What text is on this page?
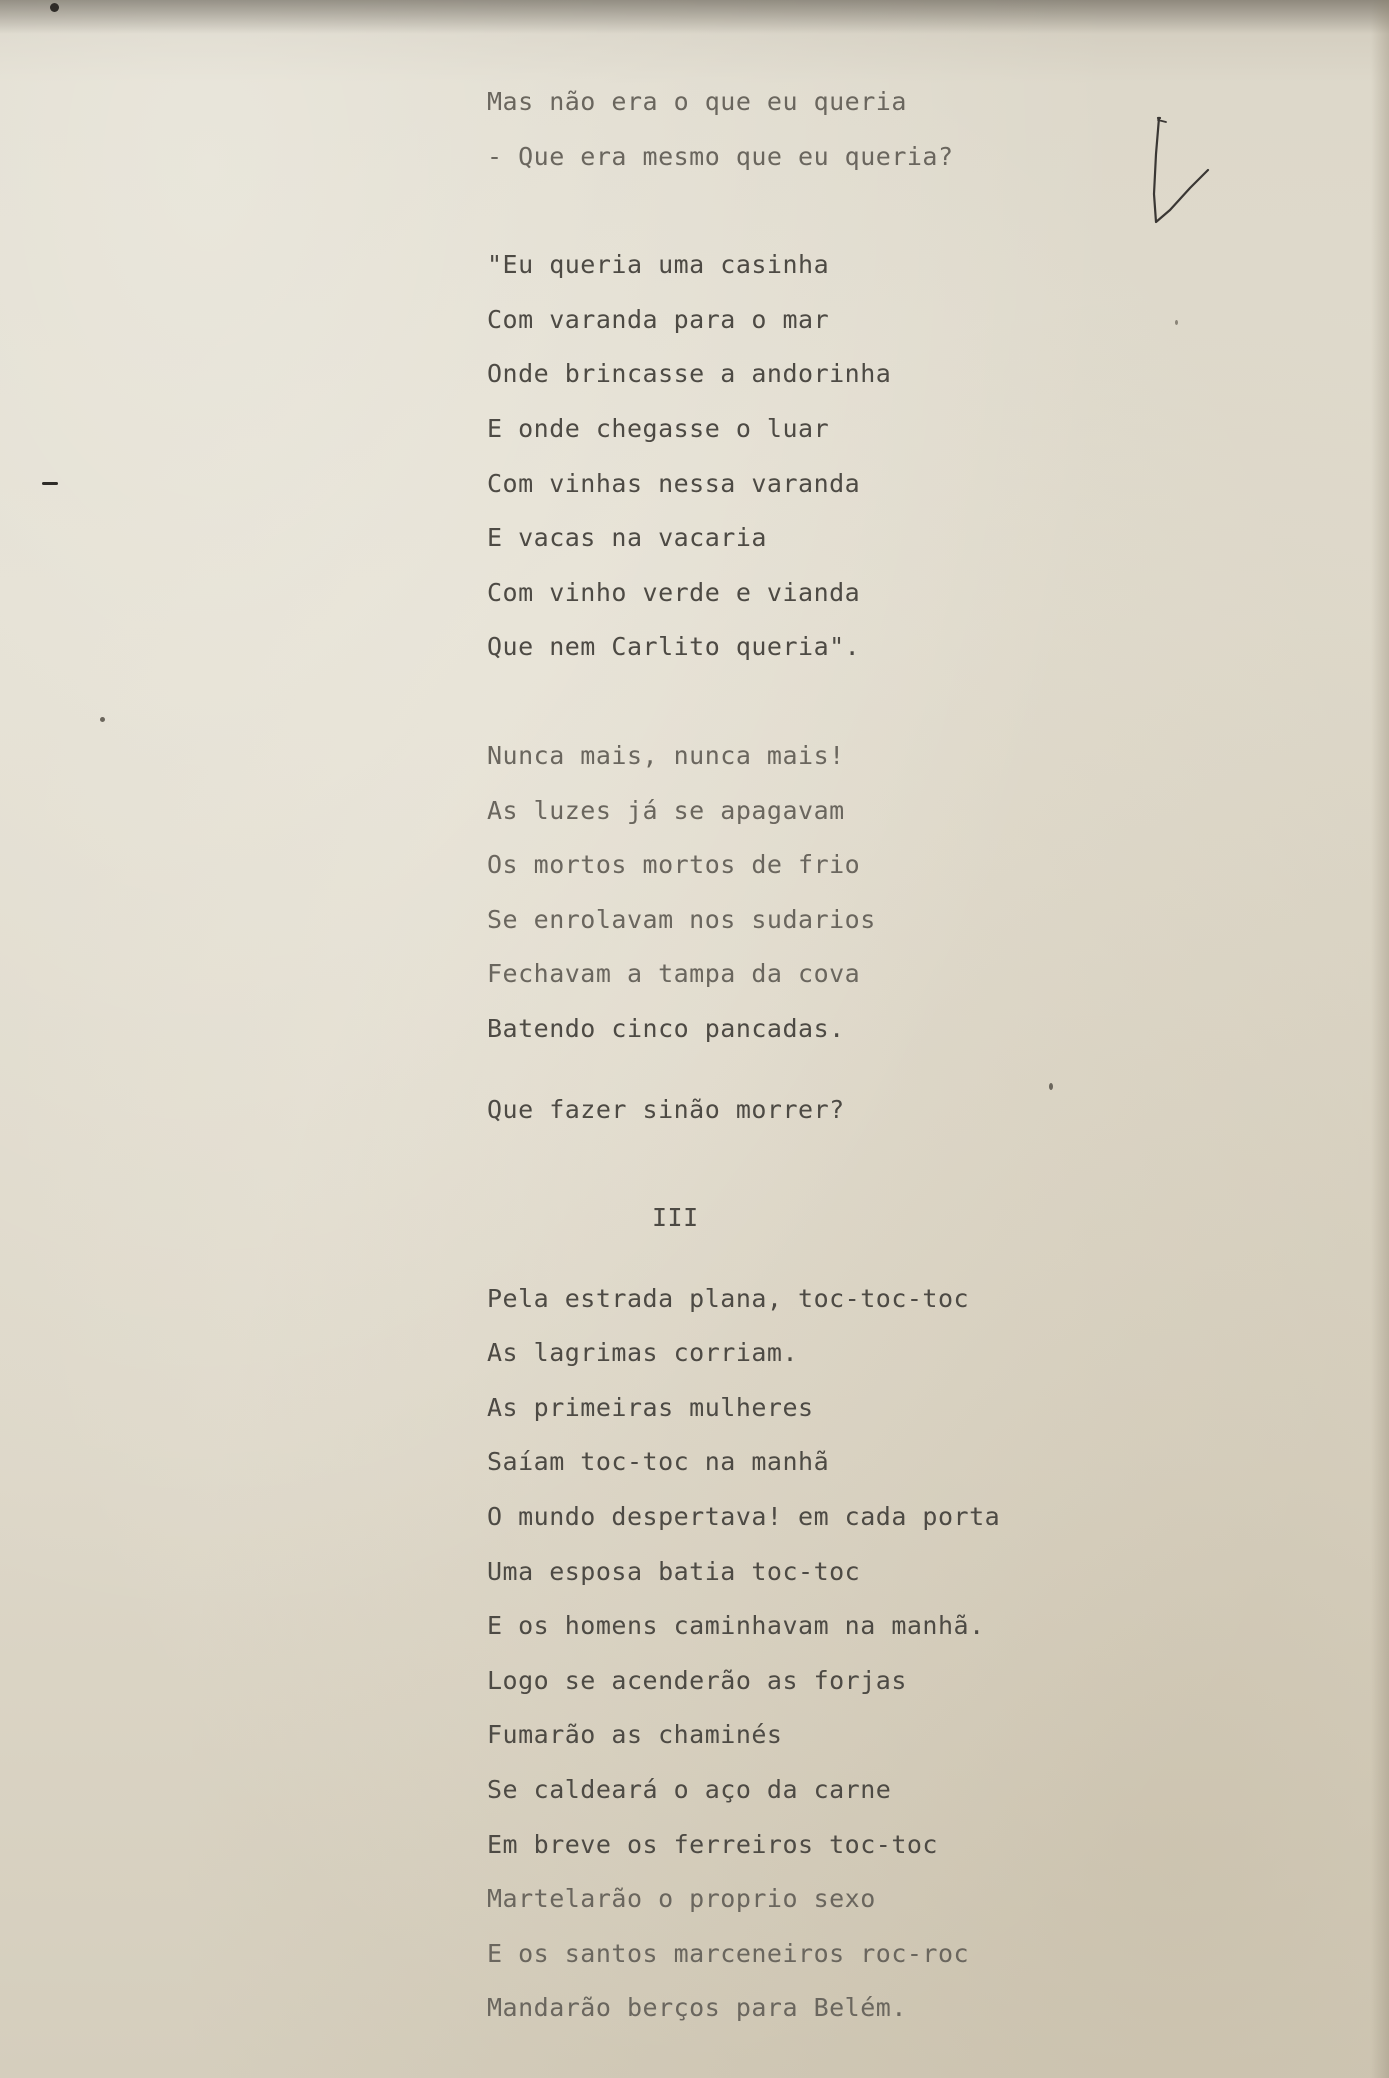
Mas não era o que eu queria
- Que era mesmo que eu queria?
"Eu queria uma casinha
Com varanda para o mar
Onde brincasse a andorinha
E onde chegasse o luar
Com vinhas nessa varanda
E vacas na vacaria
Com vinho verde e vianda
Que nem Carlito queria".
Nunca mais, nunca mais!
As luzes já se apagavam
Os mortos mortos de frio
Se enrolavam nos sudarios
Fechavam a tampa da cova
Batendo cinco pancadas.
Que fazer sinão morrer?
III
Pela estrada plana, toc-toc-toc
As lagrimas corriam.
As primeiras mulheres
Saíam toc-toc na manhã
O mundo despertava! em cada porta
Uma esposa batia toc-toc
E os homens caminhavam na manhã.
Logo se acenderão as forjas
Fumarão as chaminés
Se caldeará o aço da carne
Em breve os ferreiros toc-toc
Martelarão o proprio sexo
E os santos marceneiros roc-roc
Mandarão berços para Belém.
